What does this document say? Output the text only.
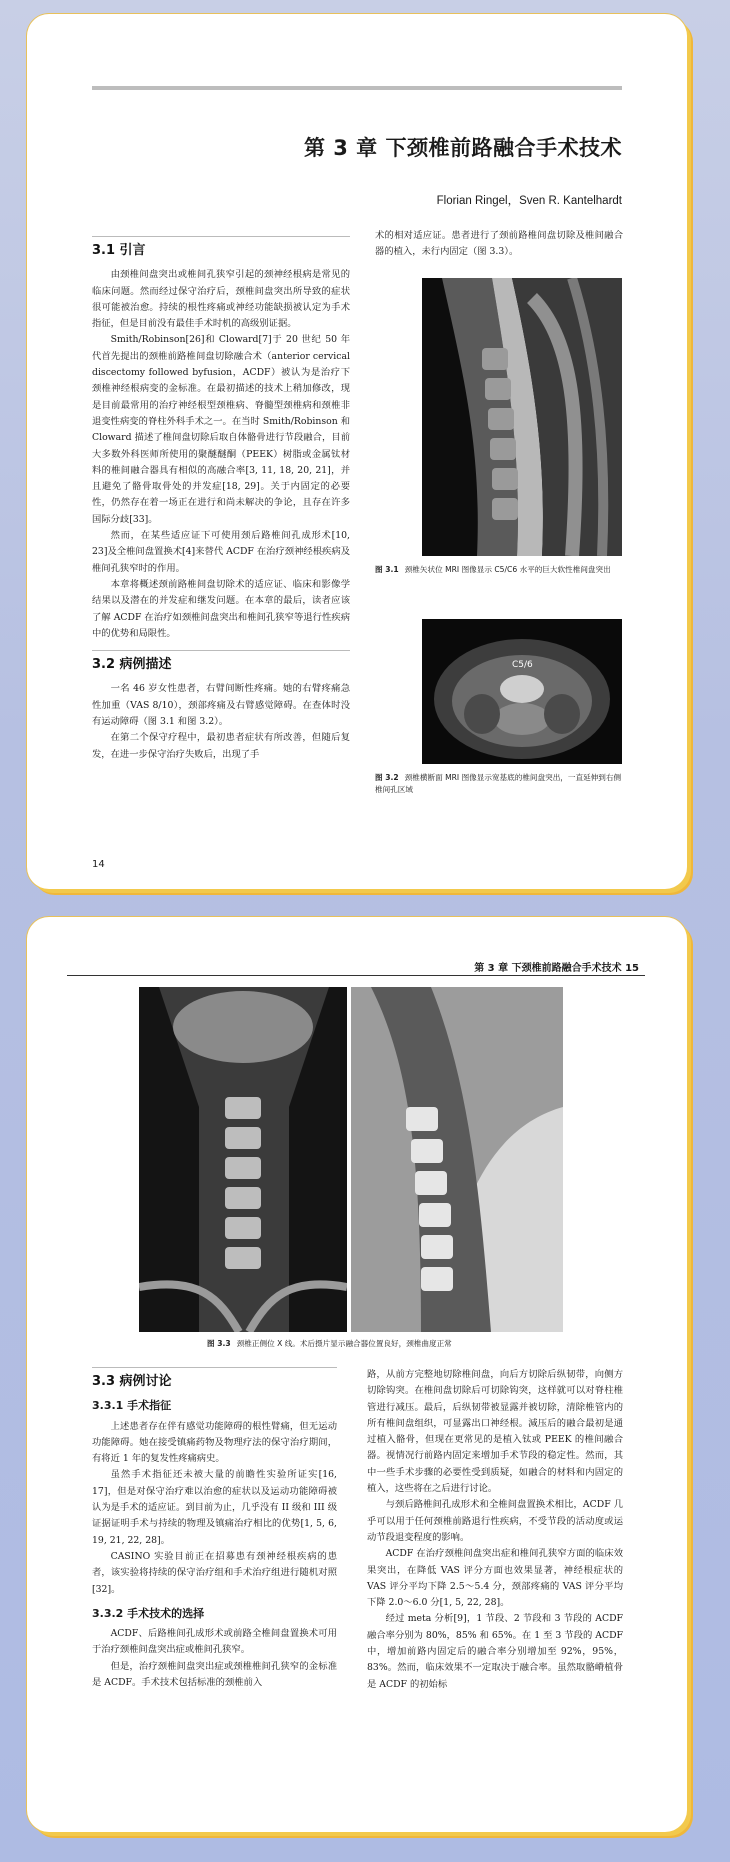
第 3 章 下颈椎前路融合手术技术
Florian Ringel，Sven R. Kantelhardt
3.1 引言

由颈椎间盘突出或椎间孔狭窄引起的颈神经根病是常见的临床问题。然而经过保守治疗后，颈椎间盘突出所导致的症状很可能被治愈。持续的根性疼痛或神经功能缺损被认定为手术指征，但是目前没有最佳手术时机的高级别证据。

Smith/Robinson[26]和 Cloward[7]于 20 世纪 50 年代首先提出的颈椎前路椎间盘切除融合术（anterior cervical discectomy followed byfusion，ACDF）被认为是治疗下颈椎神经根病变的金标准。在最初描述的技术上稍加修改，现是目前最常用的治疗神经根型颈椎病、脊髓型颈椎病和颈椎非退变性病变的脊柱外科手术之一。在当时 Smith/Robinson 和 Cloward 描述了椎间盘切除后取自体骼骨进行节段融合，目前大多数外科医师所使用的聚醚醚酮（PEEK）树脂或金属钛材料的椎间融合器具有相似的高融合率[3, 11, 18, 20, 21]，并且避免了骼骨取骨处的并发症[18, 29]。关于内固定的必要性，仍然存在着一场正在进行和尚未解决的争论，且存在许多国际分歧[33]。

然而，在某些适应证下可使用颈后路椎间孔成形术[10, 23]及全椎间盘置换术[4]来替代 ACDF 在治疗颈神经根疾病及椎间孔狭窄时的作用。

本章将概述颈前路椎间盘切除术的适应证、临床和影像学结果以及潜在的并发症和继发问题。在本章的最后，读者应该了解 ACDF 在治疗如颈椎间盘突出和椎间孔狭窄等退行性疾病中的优势和局限性。

3.2 病例描述

一名 46 岁女性患者，右臂间断性疼痛。她的右臂疼痛急性加重（VAS 8/10），颈部疼痛及右臂感觉障碍。在查体时没有运动障碍（图 3.1 和图 3.2）。

在第二个保守疗程中，最初患者症状有所改善，但随后复发，在进一步保守治疗失败后，出现了手

术的相对适应证。患者进行了颈前路椎间盘切除及椎间融合器的植入，未行内固定（图 3.3）。

图 3.1 颈椎矢状位 MRI 图像显示 C5/C6 水平的巨大软性椎间盘突出
C5/6
图 3.2 颈椎横断面 MRI 图像显示宽基底的椎间盘突出，一直延伸到右侧椎间孔区域
14
第 3 章 下颈椎前路融合手术技术 15
图 3.3 颈椎正侧位 X 线。术后摄片显示融合器位置良好，颈椎曲度正常
3.3 病例讨论
3.3.1 手术指征

上述患者存在伴有感觉功能障碍的根性臂痛，但无运动功能障碍。她在接受镇痛药物及物理疗法的保守治疗期间，有将近 1 年的复发性疼痛病史。

虽然手术指征还未被大量的前瞻性实验所证实[16, 17]，但是对保守治疗难以治愈的症状以及运动功能障碍被认为是手术的适应证。到目前为止，几乎没有 II 级和 III 级证据证明手术与持续的物理及镇痛治疗相比的优势[1, 5, 6, 19, 21, 22, 28]。

CASINO 实验目前正在招募患有颈神经根疾病的患者，该实验将持续的保守治疗组和手术治疗组进行随机对照[32]。

3.3.2 手术技术的选择

ACDF、后路椎间孔成形术或前路全椎间盘置换术可用于治疗颈椎间盘突出症或椎间孔狭窄。

但是，治疗颈椎间盘突出症或颈椎椎间孔狭窄的金标准是 ACDF。手术技术包括标准的颈椎前入

路，从前方完整地切除椎间盘，向后方切除后纵韧带，向侧方切除钩突。在椎间盘切除后可切除钩突，这样就可以对脊柱椎管进行减压。最后，后纵韧带被显露并被切除，清除椎管内的所有椎间盘组织，可显露出口神经根。減压后的融合最初是通过植入骼骨，但现在更常见的是植入钛或 PEEK 的椎间融合器。视情况行前路内固定来增加手术节段的稳定性。然而，其中一些手术步骤的必要性受到质疑，如融合的材料和内固定的植入，这些将在之后进行讨论。

与颈后路椎间孔成形术和全椎间盘置换术相比，ACDF 几乎可以用于任何颈椎前路退行性疾病，不受节段的活动度或运动节段退变程度的影响。

ACDF 在治疗颈椎间盘突出症和椎间孔狭窄方面的临床效果突出，在降低 VAS 评分方面也效果显著，神经根症状的 VAS 评分平均下降 2.5～5.4 分，颈部疼痛的 VAS 评分平均下降 2.0～6.0 分[1, 5, 22, 28]。

经过 meta 分析[9]，1 节段、2 节段和 3 节段的 ACDF 融合率分别为 80%，85% 和 65%。在 1 至 3 节段的 ACDF 中，增加前路内固定后的融合率分别增加至 92%，95%，83%。然而，临床效果不一定取决于融合率。虽然取骼嵴植骨是 ACDF 的初始标
